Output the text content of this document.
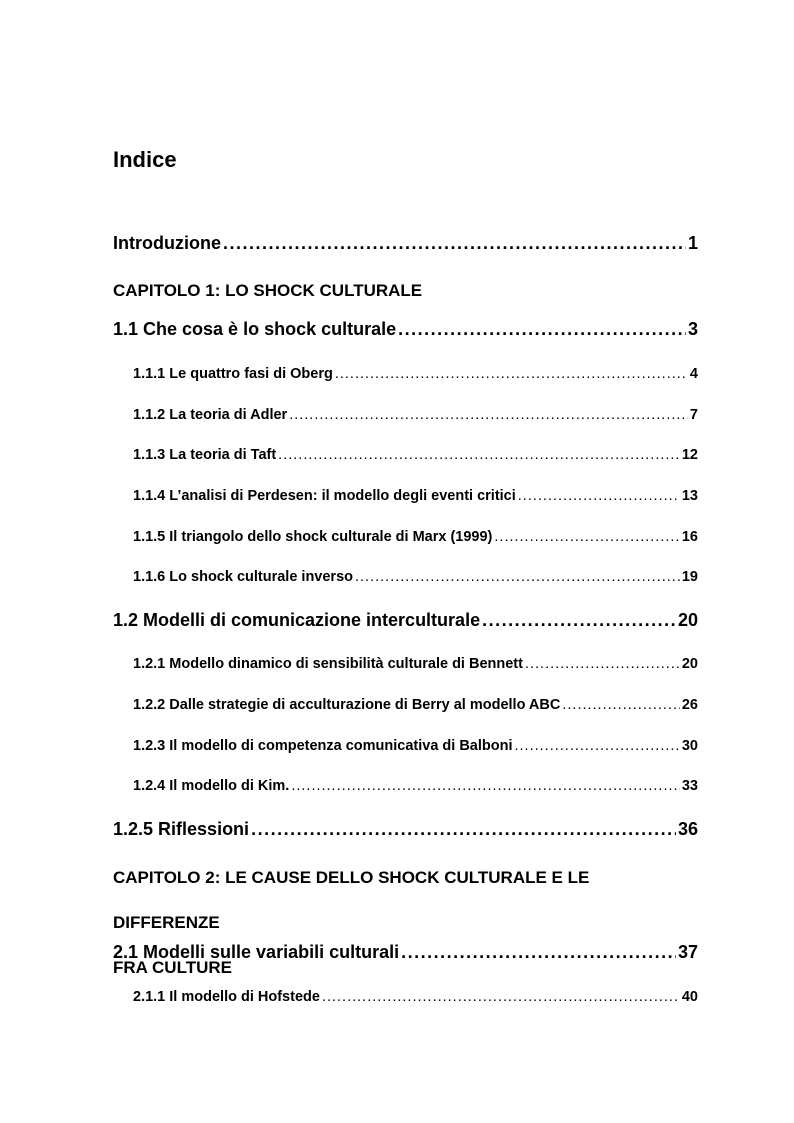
Indice
Introduzione .....	1
CAPITOLO 1: LO SHOCK CULTURALE
1.1 Che cosa è lo shock culturale .....	3
1.1.1 Le quattro fasi di Oberg .....	4
1.1.2 La teoria di Adler .....	7
1.1.3 La teoria di Taft .....	12
1.1.4 L’analisi di Perdesen: il modello degli eventi critici .....	13
1.1.5 Il triangolo dello shock culturale di Marx (1999) .....	16
1.1.6 Lo shock culturale inverso .....	19
1.2 Modelli di comunicazione interculturale .....	20
1.2.1 Modello dinamico di sensibilità culturale di Bennett .....	20
1.2.2 Dalle strategie di acculturazione di Berry al modello ABC .....	26
1.2.3 Il modello di competenza comunicativa di Balboni .....	30
1.2.4 Il modello di Kim. .....	33
1.2.5 Riflessioni .....	36
CAPITOLO 2: LE CAUSE DELLO SHOCK CULTURALE E LE DIFFERENZE
FRA CULTURE
2.1 Modelli sulle variabili culturali .....	37
2.1.1 Il modello di Hofstede .....	40
